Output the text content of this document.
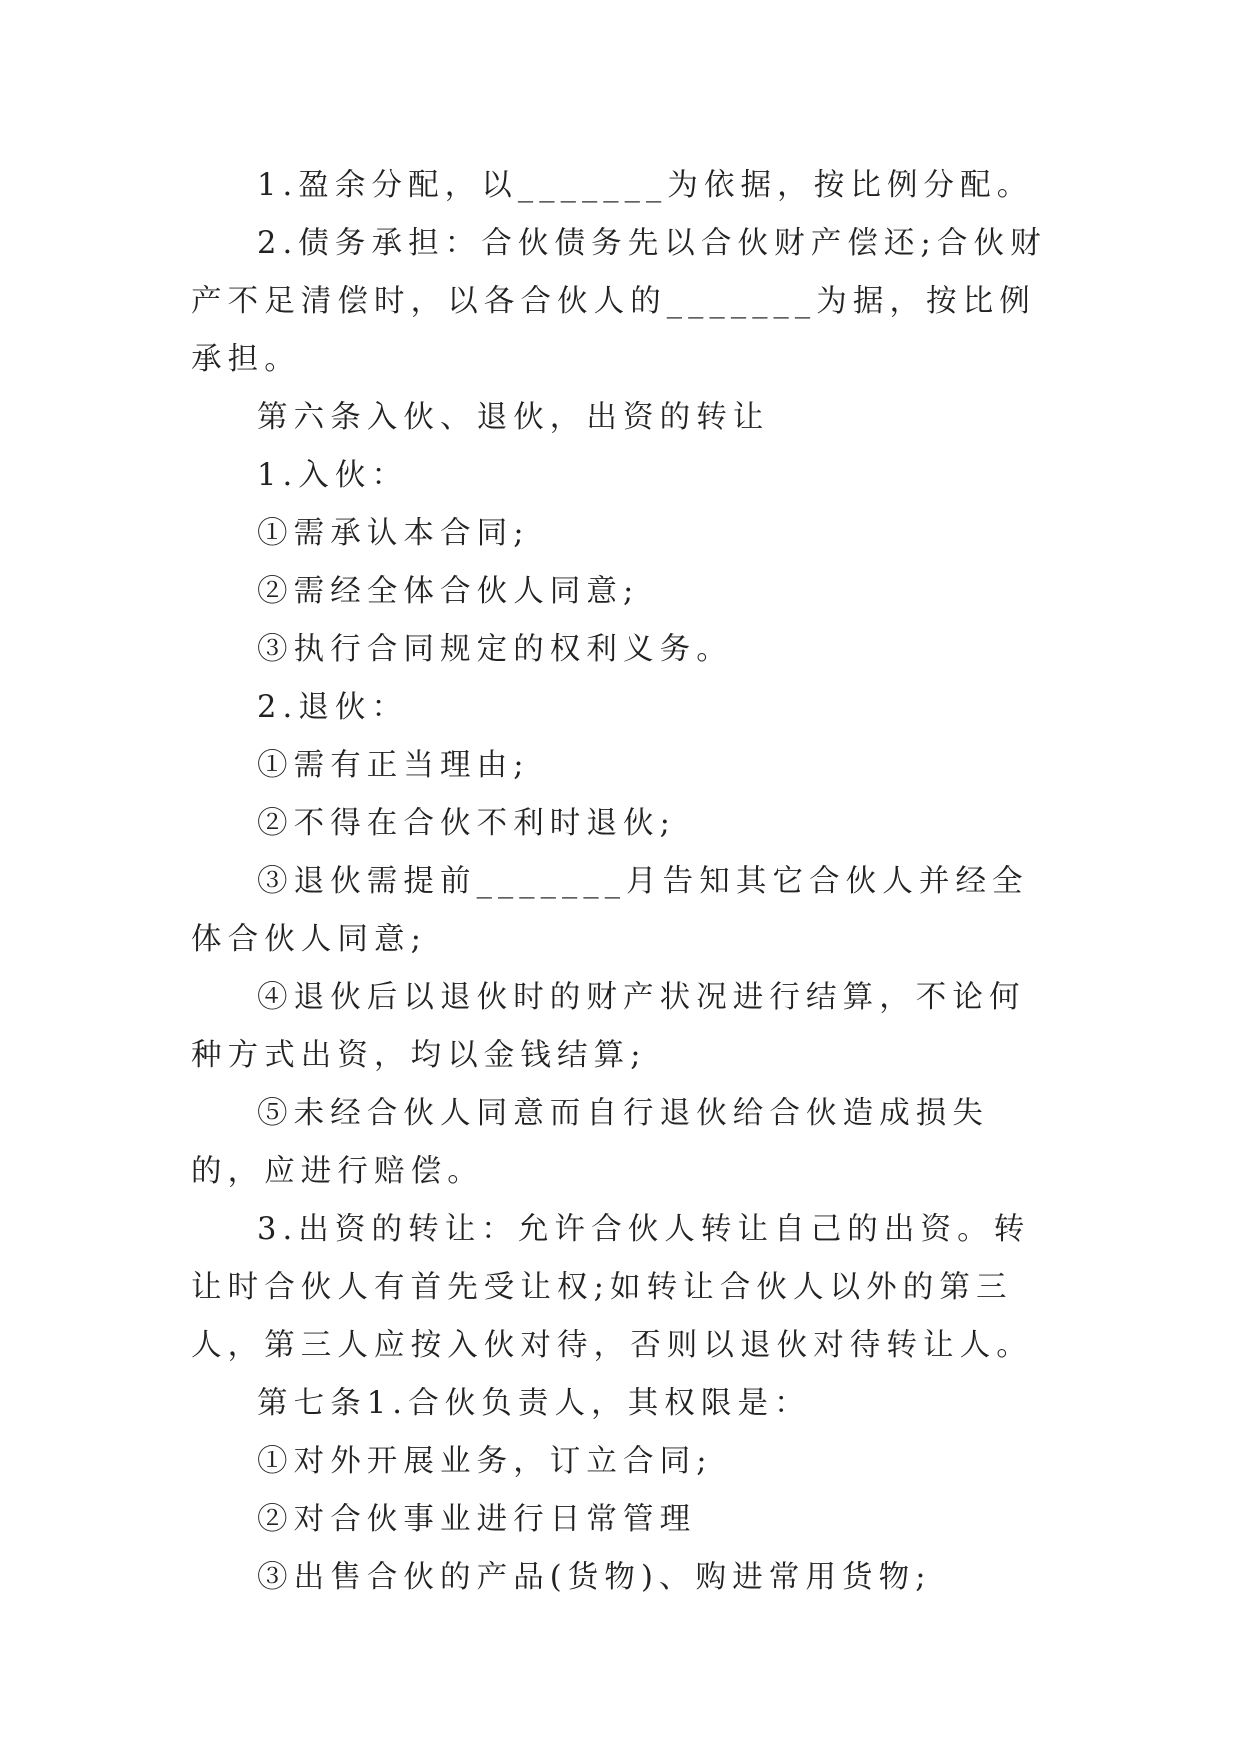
1.盈余分配，以_______为依据，按比例分配。

2.债务承担：合伙债务先以合伙财产偿还;合伙财产不足清偿时，以各合伙人的_______为据，按比例承担。

第六条入伙、退伙，出资的转让

1.入伙：

①需承认本合同;

②需经全体合伙人同意;

③执行合同规定的权利义务。

2.退伙：

①需有正当理由;

②不得在合伙不利时退伙;

③退伙需提前_______月告知其它合伙人并经全体合伙人同意;

④退伙后以退伙时的财产状况进行结算，不论何种方式出资，均以金钱结算;

⑤未经合伙人同意而自行退伙给合伙造成损失的，应进行赔偿。

3.出资的转让：允许合伙人转让自己的出资。转让时合伙人有首先受让权;如转让合伙人以外的第三人，第三人应按入伙对待，否则以退伙对待转让人。

第七条1.合伙负责人，其权限是：

①对外开展业务，订立合同;

②对合伙事业进行日常管理

③出售合伙的产品(货物)、购进常用货物;
